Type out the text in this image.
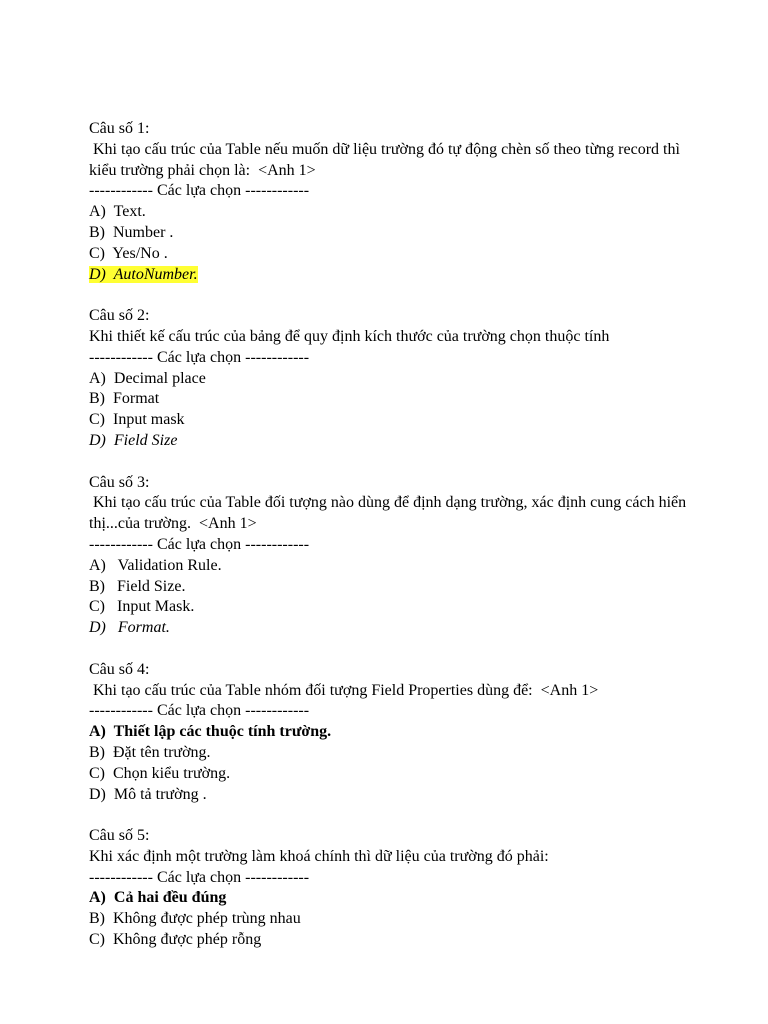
Câu số 1:
Khi tạo cấu trúc của Table nếu muốn dữ liệu trường đó tự động chèn số theo từng record thì kiểu trường phải chọn là:  <Anh 1>
------------ Các lựa chọn ------------
A)  Text.
B)  Number .
C)  Yes/No .
D)  AutoNumber.
Câu số 2:
Khi thiết kế cấu trúc của bảng để quy định kích thước của trường chọn thuộc tính
------------ Các lựa chọn ------------
A)  Decimal place
B)  Format
C)  Input mask
D)  Field Size
Câu số 3:
Khi tạo cấu trúc của Table đối tượng nào dùng để định dạng trường, xác định cung cách hiển thị...của trường.  <Anh 1>
------------ Các lựa chọn ------------
A)   Validation Rule.
B)   Field Size.
C)   Input Mask.
D)   Format.
Câu số 4:
Khi tạo cấu trúc của Table nhóm đối tượng Field Properties dùng để:  <Anh 1>
------------ Các lựa chọn ------------
A)  Thiết lập các thuộc tính trường.
B)  Đặt tên trường.
C)  Chọn kiểu trường.
D)  Mô tả trường .
Câu số 5:
Khi xác định một trường làm khoá chính thì dữ liệu của trường đó phải:
------------ Các lựa chọn ------------
A)  Cả hai đều đúng
B)  Không được phép trùng nhau
C)  Không được phép rỗng
